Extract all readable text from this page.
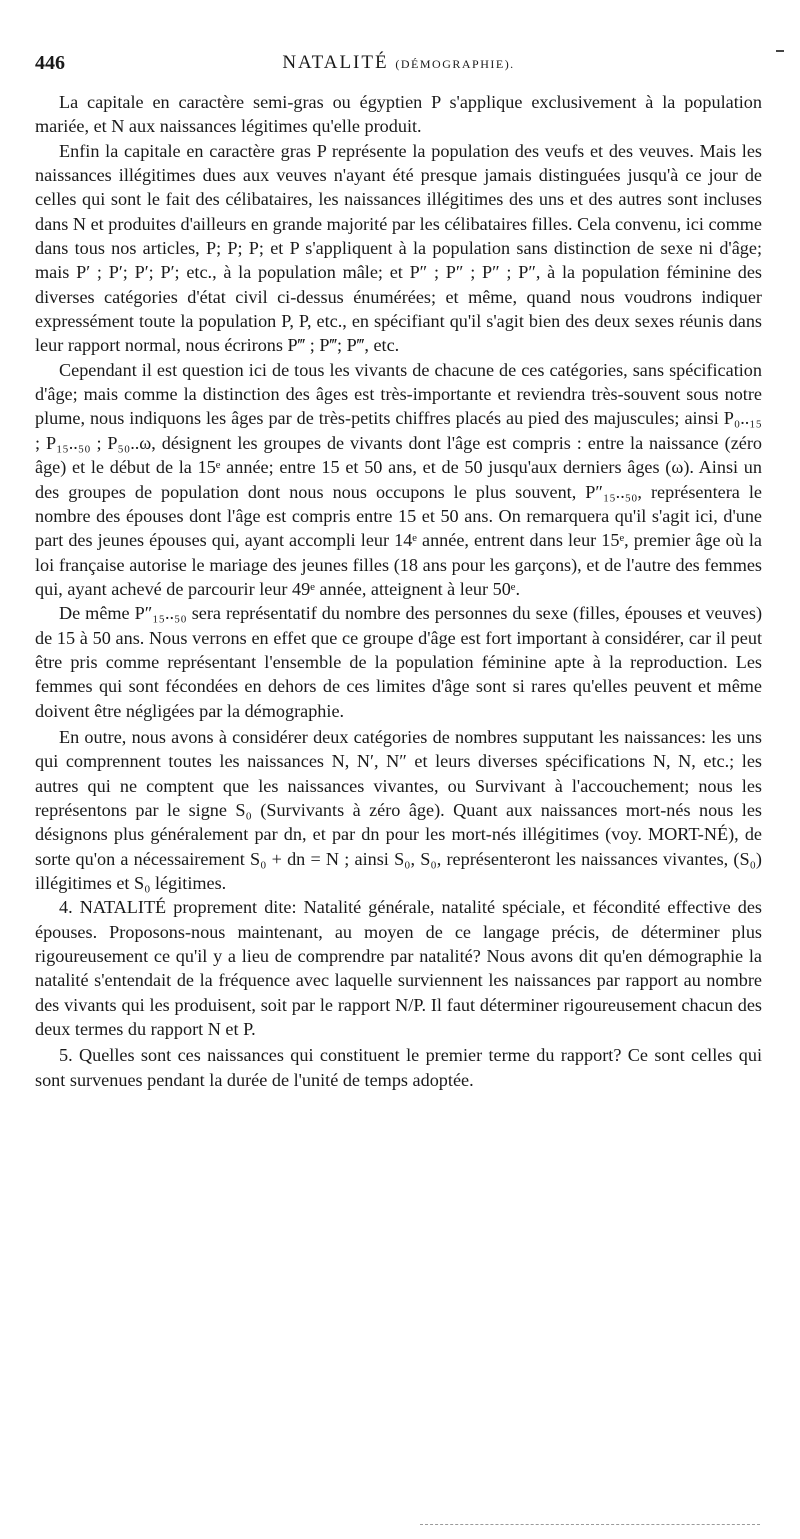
446	NATALITÉ (DÉMOGRAPHIE).

La capitale en caractère semi-gras ou égyptien P s'applique exclusivement à la population mariée, et N aux naissances légitimes qu'elle produit.

Enfin la capitale en caractère gras P représente la population des veufs et des veuves. Mais les naissances illégitimes dues aux veuves n'ayant été presque jamais distinguées jusqu'à ce jour de celles qui sont le fait des célibataires, les naissances illégitimes des uns et des autres sont incluses dans N et produites d'ailleurs en grande majorité par les célibataires filles. Cela convenu, ici comme dans tous nos articles, P; P; P; et P s'appliquent à la population sans distinction de sexe ni d'âge; mais P′ ; P′; P′; P′; etc., à la population mâle; et P″ ; P″ ; P″ ; P″, à la population féminine des diverses catégories d'état civil ci-dessus énumérées; et même, quand nous voudrons indiquer expressément toute la population P, P, etc., en spécifiant qu'il s'agit bien des deux sexes réunis dans leur rapport normal, nous écrirons P‴ ; P‴; P‴, etc.

Cependant il est question ici de tous les vivants de chacune de ces catégories, sans spécification d'âge; mais comme la distinction des âges est très-importante et reviendra très-souvent sous notre plume, nous indiquons les âges par de très-petits chiffres placés au pied des majuscules; ainsi P₀..₁₅ ; P₁₅..₅₀ ; P₅₀..ω, désignent les groupes de vivants dont l'âge est compris : entre la naissance (zéro âge) et le début de la 15ᵉ année; entre 15 et 50 ans, et de 50 jusqu'aux derniers âges (ω). Ainsi un des groupes de population dont nous nous occupons le plus souvent, P″₁₅..₅₀, représentera le nombre des épouses dont l'âge est compris entre 15 et 50 ans. On remarquera qu'il s'agit ici, d'une part des jeunes épouses qui, ayant accompli leur 14ᵉ année, entrent dans leur 15ᵉ, premier âge où la loi française autorise le mariage des jeunes filles (18 ans pour les garçons), et de l'autre des femmes qui, ayant achevé de parcourir leur 49ᵉ année, atteignent à leur 50ᵉ.

De même P″₁₅..₅₀ sera représentatif du nombre des personnes du sexe (filles, épouses et veuves) de 15 à 50 ans. Nous verrons en effet que ce groupe d'âge est fort important à considérer, car il peut être pris comme représentant l'ensemble de la population féminine apte à la reproduction. Les femmes qui sont fécondées en dehors de ces limites d'âge sont si rares qu'elles peuvent et même doivent être négligées par la démographie.

En outre, nous avons à considérer deux catégories de nombres supputant les naissances: les uns qui comprennent toutes les naissances N, N′, N″ et leurs diverses spécifications N, N, etc.; les autres qui ne comptent que les naissances vivantes, ou Survivant à l'accouchement; nous les représentons par le signe S₀ (Survivants à zéro âge). Quant aux naissances mort-nés nous les désignons plus généralement par dn, et par dn pour les mort-nés illégitimes (voy. MORT-NÉ), de sorte qu'on a nécessairement S₀ + dn = N ; ainsi S₀, S₀, représenteront les naissances vivantes, (S₀) illégitimes et S₀ légitimes.

4. NATALITÉ proprement dite: Natalité générale, natalité spéciale, et fécondité effective des épouses. Proposons-nous maintenant, au moyen de ce langage précis, de déterminer plus rigoureusement ce qu'il y a lieu de comprendre par natalité? Nous avons dit qu'en démographie la natalité s'entendait de la fréquence avec laquelle surviennent les naissances par rapport au nombre des vivants qui les produisent, soit par le rapport N/P. Il faut déterminer rigoureusement chacun des deux termes du rapport N et P.

5. Quelles sont ces naissances qui constituent le premier terme du rapport? Ce sont celles qui sont survenues pendant la durée de l'unité de temps adoptée.
